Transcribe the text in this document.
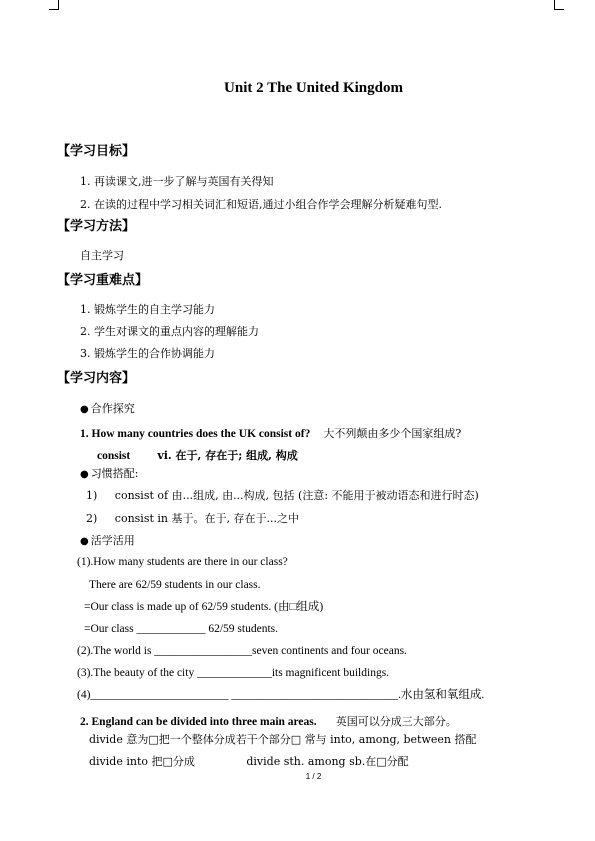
Unit 2 The United Kingdom
【学习目标】
1. 再读课文,进一步了解与英国有关得知
2. 在读的过程中学习相关词汇和短语,通过小组合作学会理解分析疑难句型.
【学习方法】
自主学习
【学习重难点】
1. 锻炼学生的自主学习能力
2. 学生对课文的重点内容的理解能力
3. 锻炼学生的合作协调能力
【学习内容】
● 合作探究
1. How many countries does the UK consist of? 大不列颠由多少个国家组成?
consist vi. 在于, 存在于; 组成, 构成
● 习惯搭配:
1) consist of 由...组成, 由...构成, 包括 (注意: 不能用于被动语态和进行时态)
2) consist in 基于。在于, 存在于...之中
● 活学活用
(1).How many students are there in our class?
There are 62/59 students in our class.
=Our class is made up of 62/59 students. (由□组成)
=Our class ____________ 62/59 students.
(2).The world is _________________seven continents and four oceans.
(3).The beauty of the city _____________its magnificent buildings.
(4)________________________ _____________________________.水由氢和氧组成.
2. England can be divided into three main areas. 英国可以分成三大部分。
divide 意为□把一个整体分成若干个部分□ 常与 into, among, between 搭配
divide into 把□分成	divide sth. among sb.在□分配
1 / 2
